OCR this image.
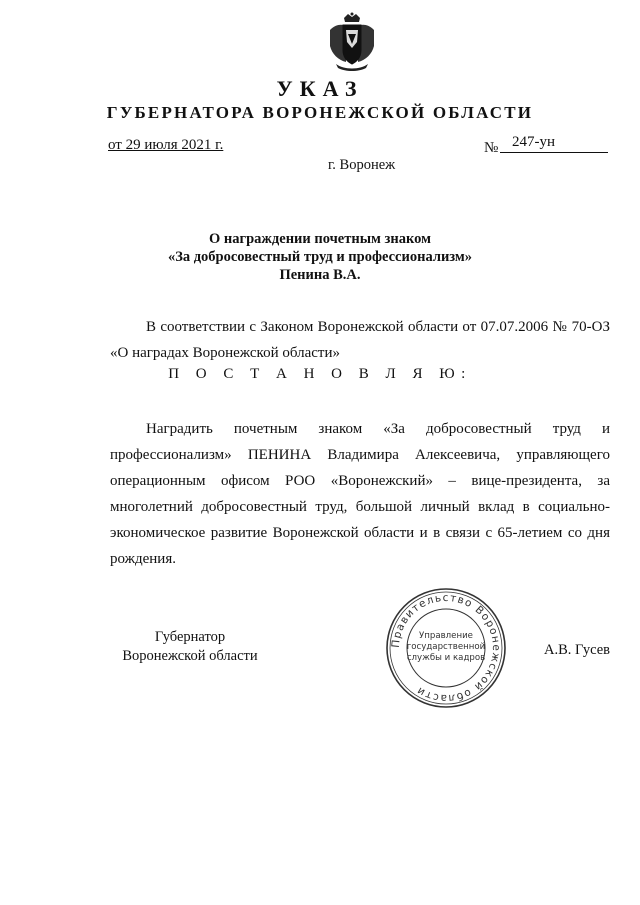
УКАЗ
ГУБЕРНАТОРА ВОРОНЕЖСКОЙ ОБЛАСТИ
от 29 июля 2021 г.	№ 247-ун
г. Воронеж
О награждении почетным знаком
«За добросовестный труд и профессионализм»
Пенина В.А.
В соответствии с Законом Воронежской области от 07.07.2006 № 70-ОЗ
«О наградах Воронежской области»
П О С Т А Н О В Л Я Ю:

Наградить почетным знаком «За добросовестный труд и профессионализм» ПЕНИНА Владимира Алексеевича, управляющего операционным офисом РОО «Воронежский» – вице-президента, за многолетний добросовестный труд, большой личный вклад в социально-экономическое развитие Воронежской области и в связи с 65-летием со дня рождения.

Губернатор
Воронежской области	А.В. Гусев
Правительство Воронежской области
Управление
государственной
службы и кадров
